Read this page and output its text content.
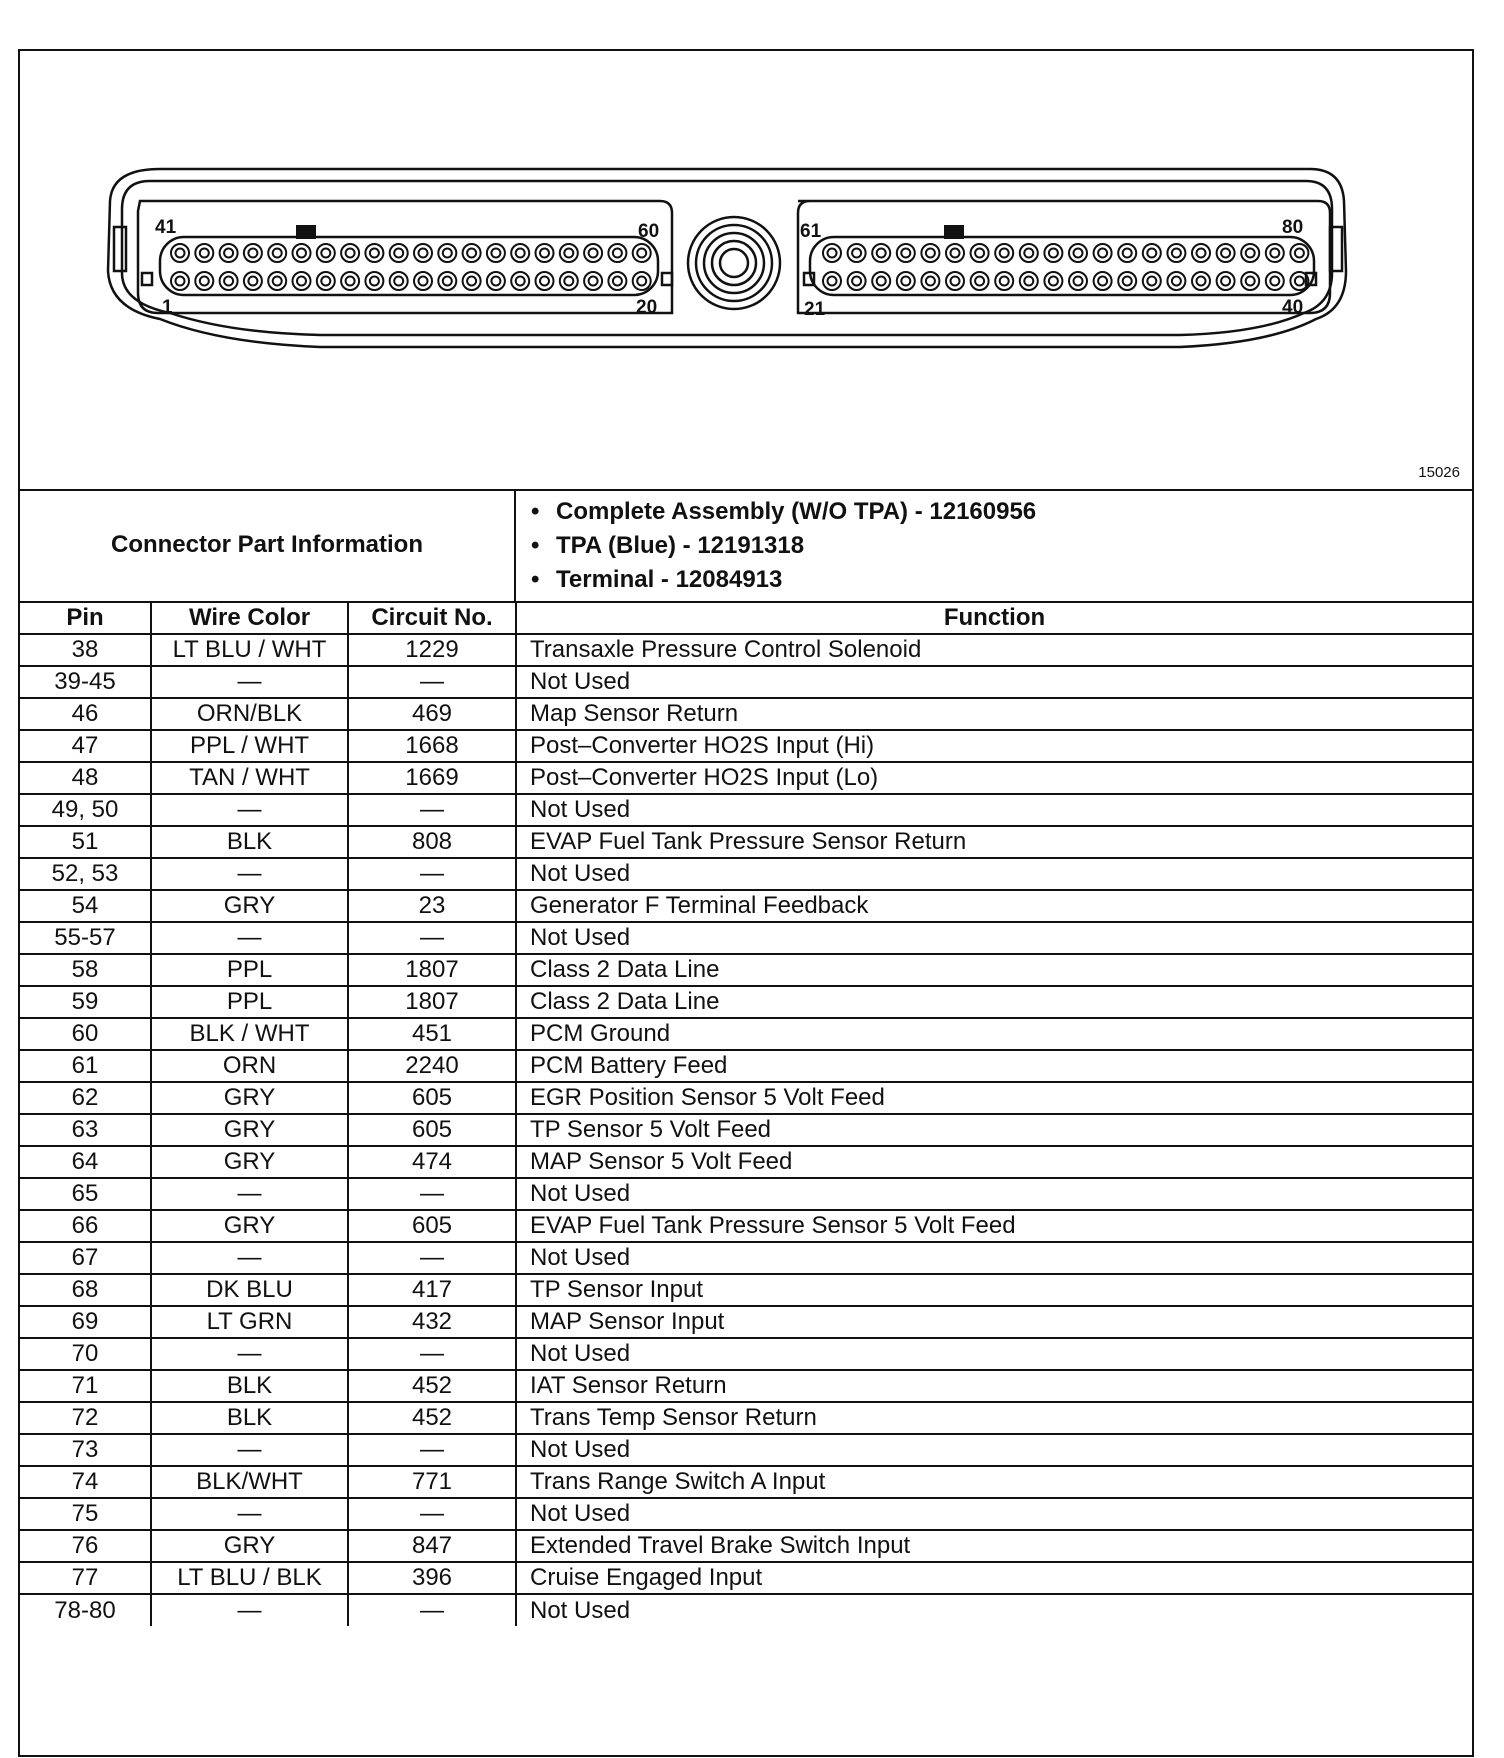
41	60
1	20
61	80
21	40
15026
Connector Part Information
• Complete Assembly (W/O TPA) - 12160956
• TPA (Blue) - 12191318
• Terminal - 12084913
Pin	Wire Color	Circuit No.	Function
38	LT BLU / WHT	1229	Transaxle Pressure Control Solenoid
39-45	—	—	Not Used
46	ORN/BLK	469	Map Sensor Return
47	PPL / WHT	1668	Post–Converter HO2S Input (Hi)
48	TAN / WHT	1669	Post–Converter HO2S Input (Lo)
49, 50	—	—	Not Used
51	BLK	808	EVAP Fuel Tank Pressure Sensor Return
52, 53	—	—	Not Used
54	GRY	23	Generator F Terminal Feedback
55-57	—	—	Not Used
58	PPL	1807	Class 2 Data Line
59	PPL	1807	Class 2 Data Line
60	BLK / WHT	451	PCM Ground
61	ORN	2240	PCM Battery Feed
62	GRY	605	EGR Position Sensor 5 Volt Feed
63	GRY	605	TP Sensor 5 Volt Feed
64	GRY	474	MAP Sensor 5 Volt Feed
65	—	—	Not Used
66	GRY	605	EVAP Fuel Tank Pressure Sensor 5 Volt Feed
67	—	—	Not Used
68	DK BLU	417	TP Sensor Input
69	LT GRN	432	MAP Sensor Input
70	—	—	Not Used
71	BLK	452	IAT Sensor Return
72	BLK	452	Trans Temp Sensor Return
73	—	—	Not Used
74	BLK/WHT	771	Trans Range Switch A Input
75	—	—	Not Used
76	GRY	847	Extended Travel Brake Switch Input
77	LT BLU / BLK	396	Cruise Engaged Input
78-80	—	—	Not Used
